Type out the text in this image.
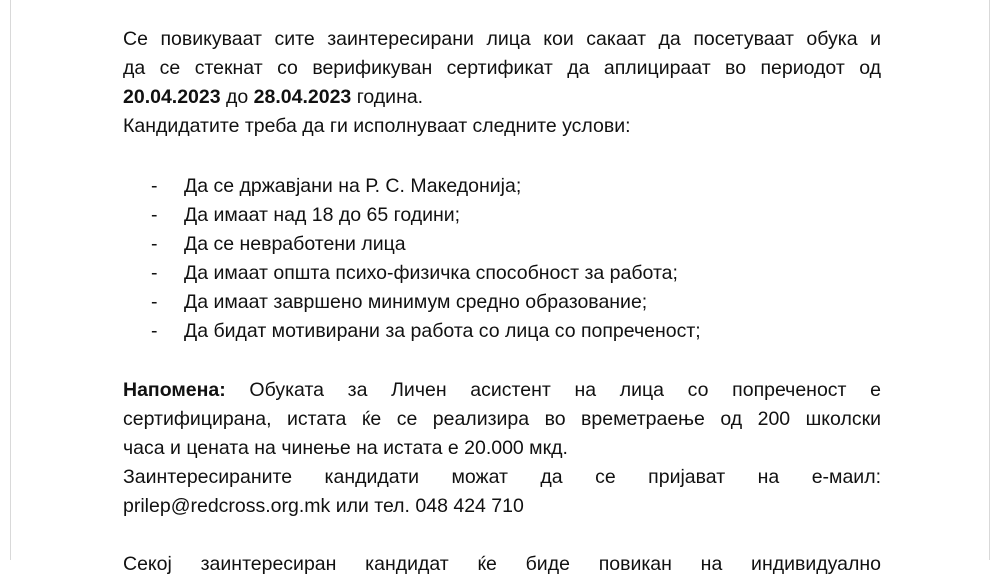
Се повикуваат сите заинтересирани лица кои сакаат да посетуваат обука и
да се стекнат со верификуван сертификат да аплицираат во периодот од
20.04.2023 до 28.04.2023 година.
Кандидатите треба да ги исполнуваат следните услови:
- Да се државјани на Р. С. Македонија;
- Да имаат над 18 до 65 години;
- Да се невработени лица
- Да имаат општа психо-физичка способност за работа;
- Да имаат завршено минимум средно образование;
- Да бидат мотивирани за работа со лица со попреченост;
Напомена: Обуката за Личен асистент на лица со попреченост е
сертифицирана, истата ќе се реализира во времетраење од 200 школски
часа и цената на чинење на истата е 20.000 мкд.
Заинтересираните кандидати можат да се пријават на е-маил:
prilep@redcross.org.mk или тел. 048 424 710
Секој заинтересиран кандидат ќе биде повикан на индивидуално
